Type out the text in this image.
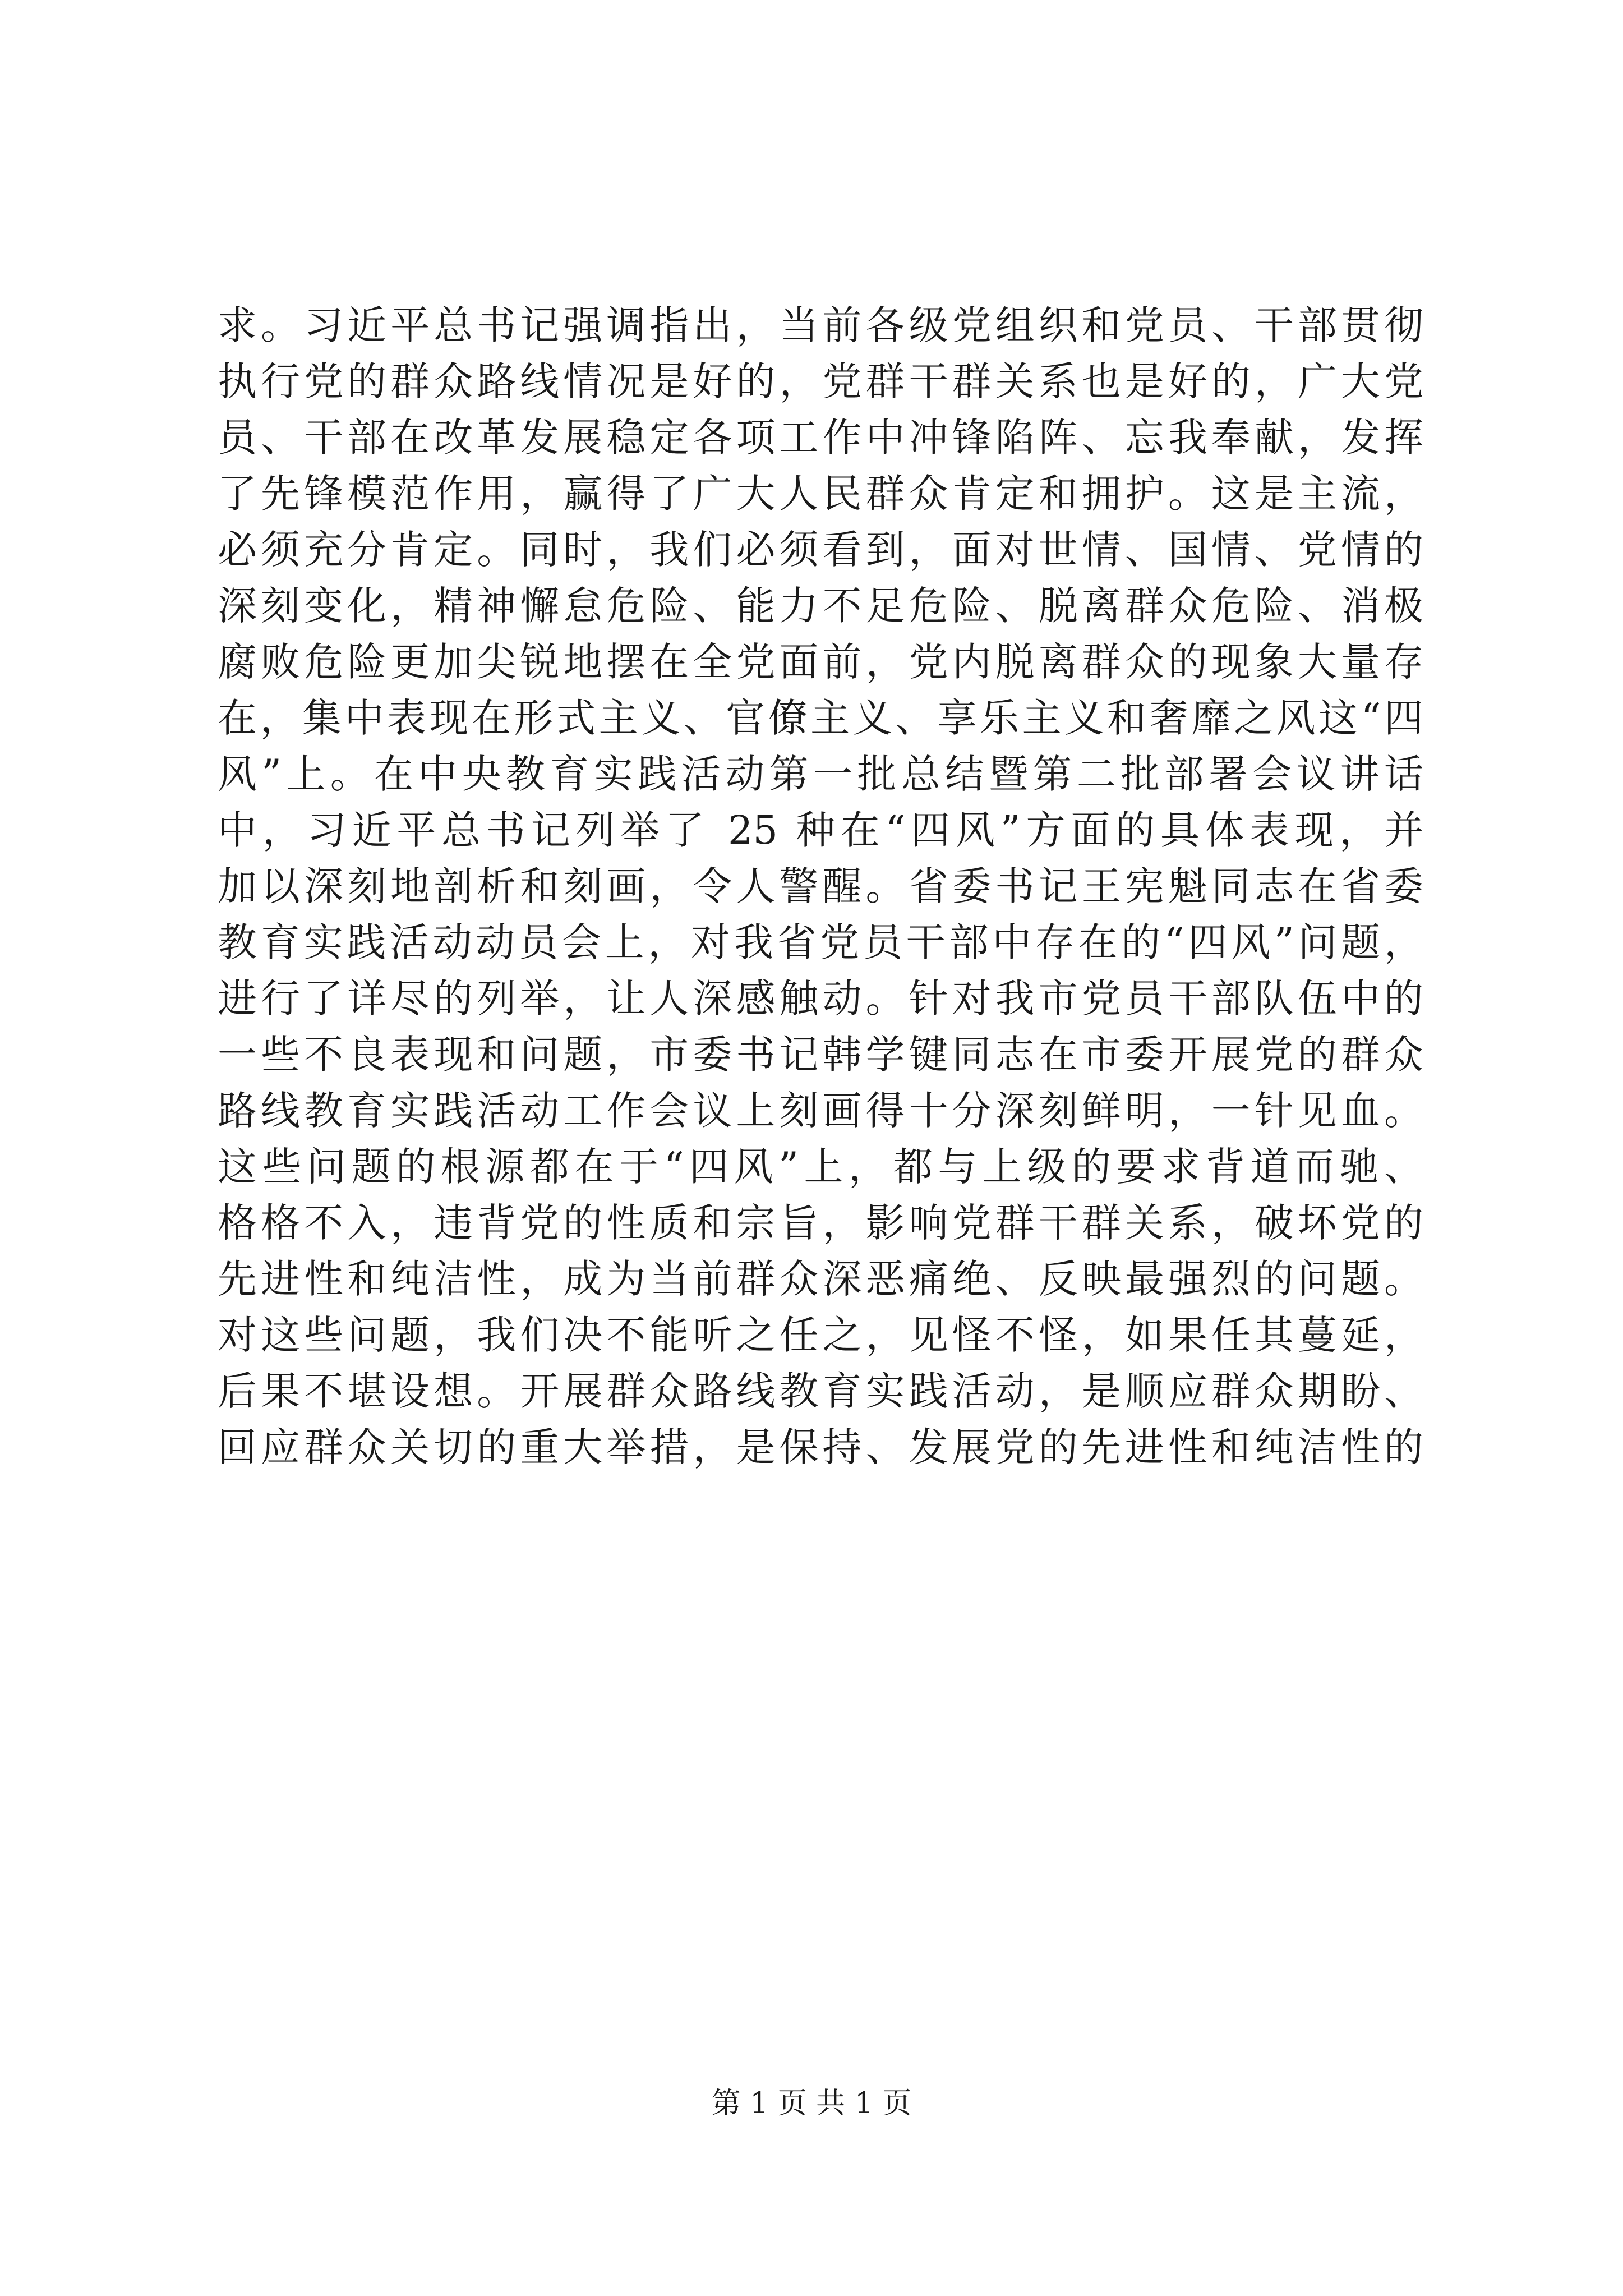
求。习近平总书记强调指出，当前各级党组织和党员、干部贯彻
执行党的群众路线情况是好的，党群干群关系也是好的，广大党
员、干部在改革发展稳定各项工作中冲锋陷阵、忘我奉献，发挥
了先锋模范作用，赢得了广大人民群众肯定和拥护。这是主流，
必须充分肯定。同时，我们必须看到，面对世情、国情、党情的
深刻变化，精神懈怠危险、能力不足危险、脱离群众危险、消极
腐败危险更加尖锐地摆在全党面前，党内脱离群众的现象大量存
在，集中表现在形式主义、官僚主义、享乐主义和奢靡之风这“四
风”上。在中央教育实践活动第一批总结暨第二批部署会议讲话
中，习近平总书记列举了 25 种在“四风”方面的具体表现，并
加以深刻地剖析和刻画，令人警醒。省委书记王宪魁同志在省委
教育实践活动动员会上，对我省党员干部中存在的“四风”问题，
进行了详尽的列举，让人深感触动。针对我市党员干部队伍中的
一些不良表现和问题，市委书记韩学键同志在市委开展党的群众
路线教育实践活动工作会议上刻画得十分深刻鲜明，一针见血。
这些问题的根源都在于“四风”上，都与上级的要求背道而驰、
格格不入，违背党的性质和宗旨，影响党群干群关系，破坏党的
先进性和纯洁性，成为当前群众深恶痛绝、反映最强烈的问题。
对这些问题，我们决不能听之任之，见怪不怪，如果任其蔓延，
后果不堪设想。开展群众路线教育实践活动，是顺应群众期盼、
回应群众关切的重大举措，是保持、发展党的先进性和纯洁性的
第 1 页 共 1 页
